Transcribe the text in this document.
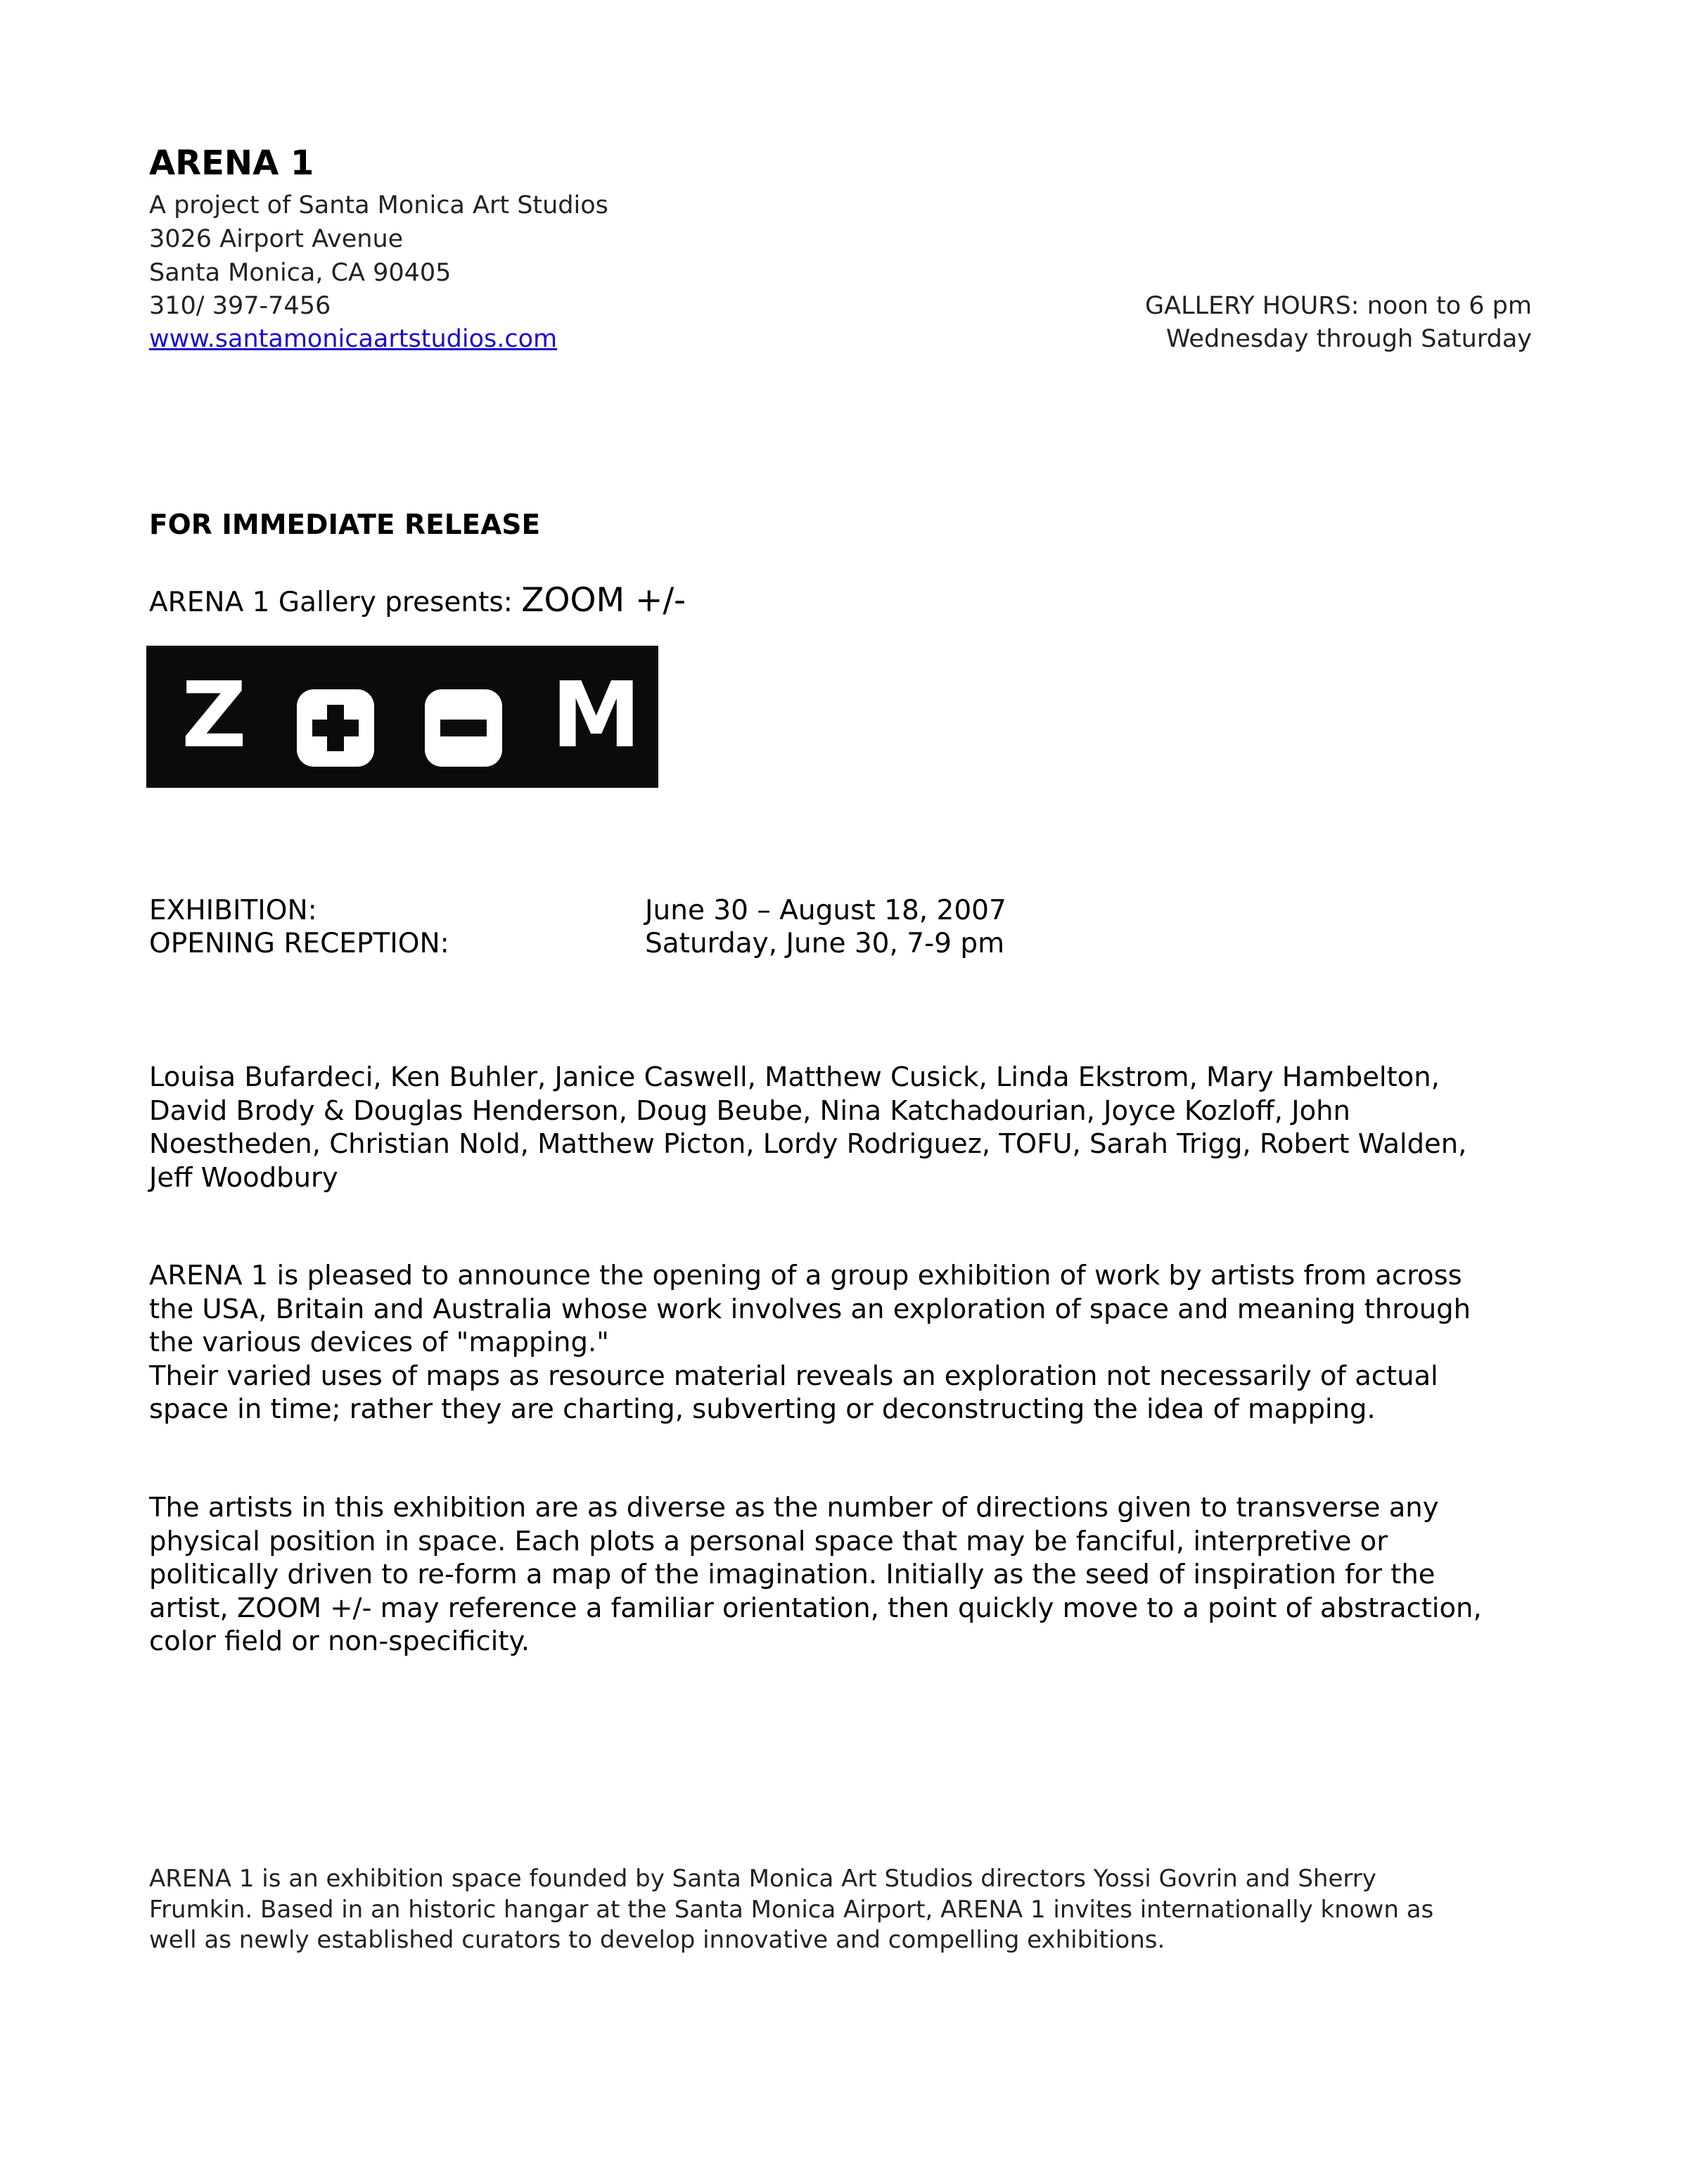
ARENA 1
A project of Santa Monica Art Studios
3026 Airport Avenue
Santa Monica, CA 90405
310/ 397-7456
www.santamonicaartstudios.com
GALLERY HOURS: noon to 6 pm
Wednesday through Saturday
FOR IMMEDIATE RELEASE
ARENA 1 Gallery presents: ZOOM +/-
Z	M
EXHIBITION:	June 30 – August 18, 2007
OPENING RECEPTION:	Saturday, June 30, 7-9 pm
Louisa Bufardeci, Ken Buhler, Janice Caswell, Matthew Cusick, Linda Ekstrom, Mary Hambelton,
David Brody & Douglas Henderson, Doug Beube, Nina Katchadourian, Joyce Kozloff, John
Noestheden, Christian Nold, Matthew Picton, Lordy Rodriguez, TOFU, Sarah Trigg, Robert Walden,
Jeff Woodbury
ARENA 1 is pleased to announce the opening of a group exhibition of work by artists from across
the USA, Britain and Australia whose work involves an exploration of space and meaning through
the various devices of "mapping."
Their varied uses of maps as resource material reveals an exploration not necessarily of actual
space in time; rather they are charting, subverting or deconstructing the idea of mapping.
The artists in this exhibition are as diverse as the number of directions given to transverse any
physical position in space. Each plots a personal space that may be fanciful, interpretive or
politically driven to re-form a map of the imagination. Initially as the seed of inspiration for the
artist, ZOOM +/- may reference a familiar orientation, then quickly move to a point of abstraction,
color field or non-specificity.
ARENA 1 is an exhibition space founded by Santa Monica Art Studios directors Yossi Govrin and Sherry
Frumkin. Based in an historic hangar at the Santa Monica Airport, ARENA 1 invites internationally known as
well as newly established curators to develop innovative and compelling exhibitions.
